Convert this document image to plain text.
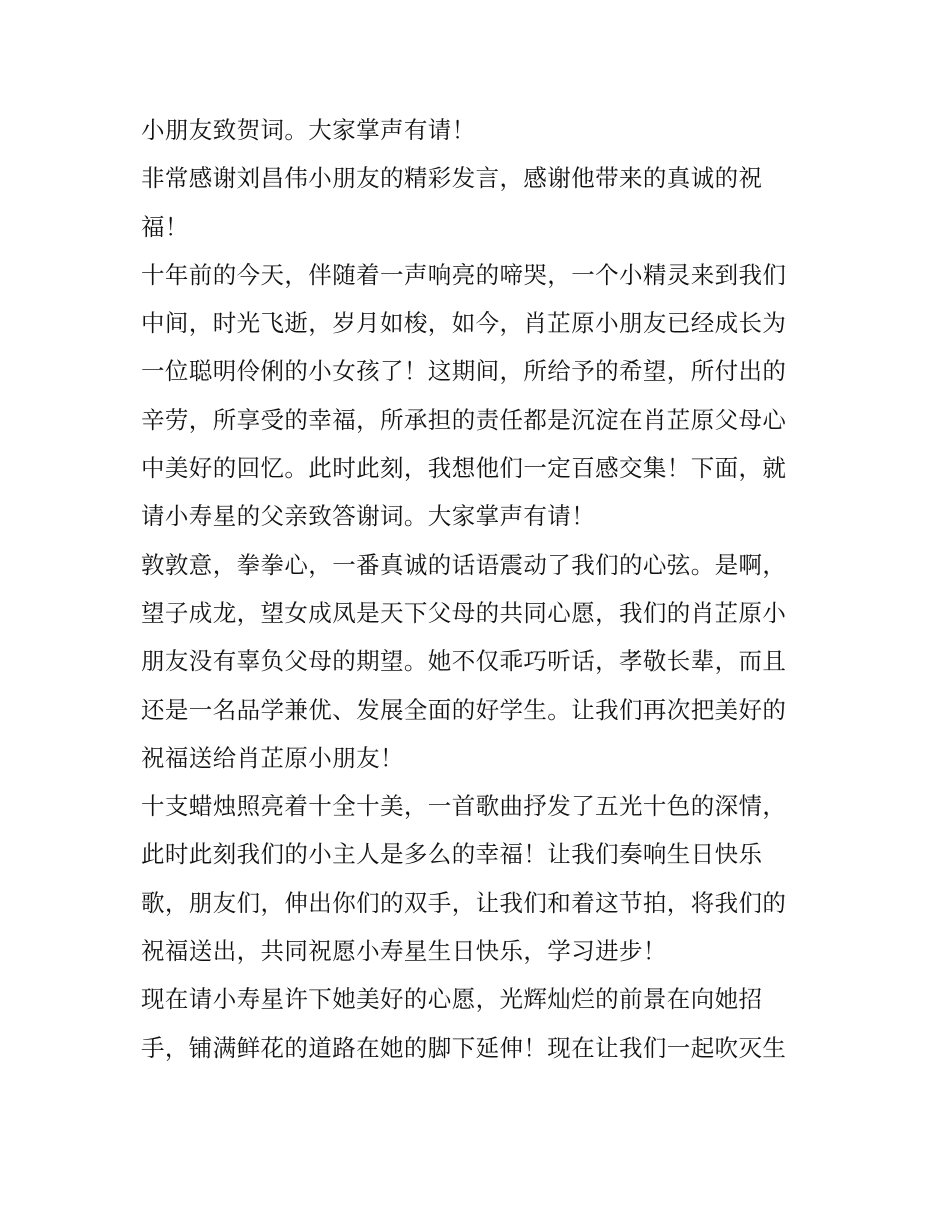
小朋友致贺词。大家掌声有请！
非常感谢刘昌伟小朋友的精彩发言，感谢他带来的真诚的祝
福！
十年前的今天，伴随着一声响亮的啼哭，一个小精灵来到我们
中间，时光飞逝，岁月如梭，如今，肖芷原小朋友已经成长为
一位聪明伶俐的小女孩了！这期间，所给予的希望，所付出的
辛劳，所享受的幸福，所承担的责任都是沉淀在肖芷原父母心
中美好的回忆。此时此刻，我想他们一定百感交集！下面，就
请小寿星的父亲致答谢词。大家掌声有请！
敦敦意，拳拳心，一番真诚的话语震动了我们的心弦。是啊，
望子成龙，望女成凤是天下父母的共同心愿，我们的肖芷原小
朋友没有辜负父母的期望。她不仅乖巧听话，孝敬长辈，而且
还是一名品学兼优、发展全面的好学生。让我们再次把美好的
祝福送给肖芷原小朋友！
十支蜡烛照亮着十全十美，一首歌曲抒发了五光十色的深情，
此时此刻我们的小主人是多么的幸福！让我们奏响生日快乐
歌，朋友们，伸出你们的双手，让我们和着这节拍，将我们的
祝福送出，共同祝愿小寿星生日快乐，学习进步！
现在请小寿星许下她美好的心愿，光辉灿烂的前景在向她招
手，铺满鲜花的道路在她的脚下延伸！现在让我们一起吹灭生
